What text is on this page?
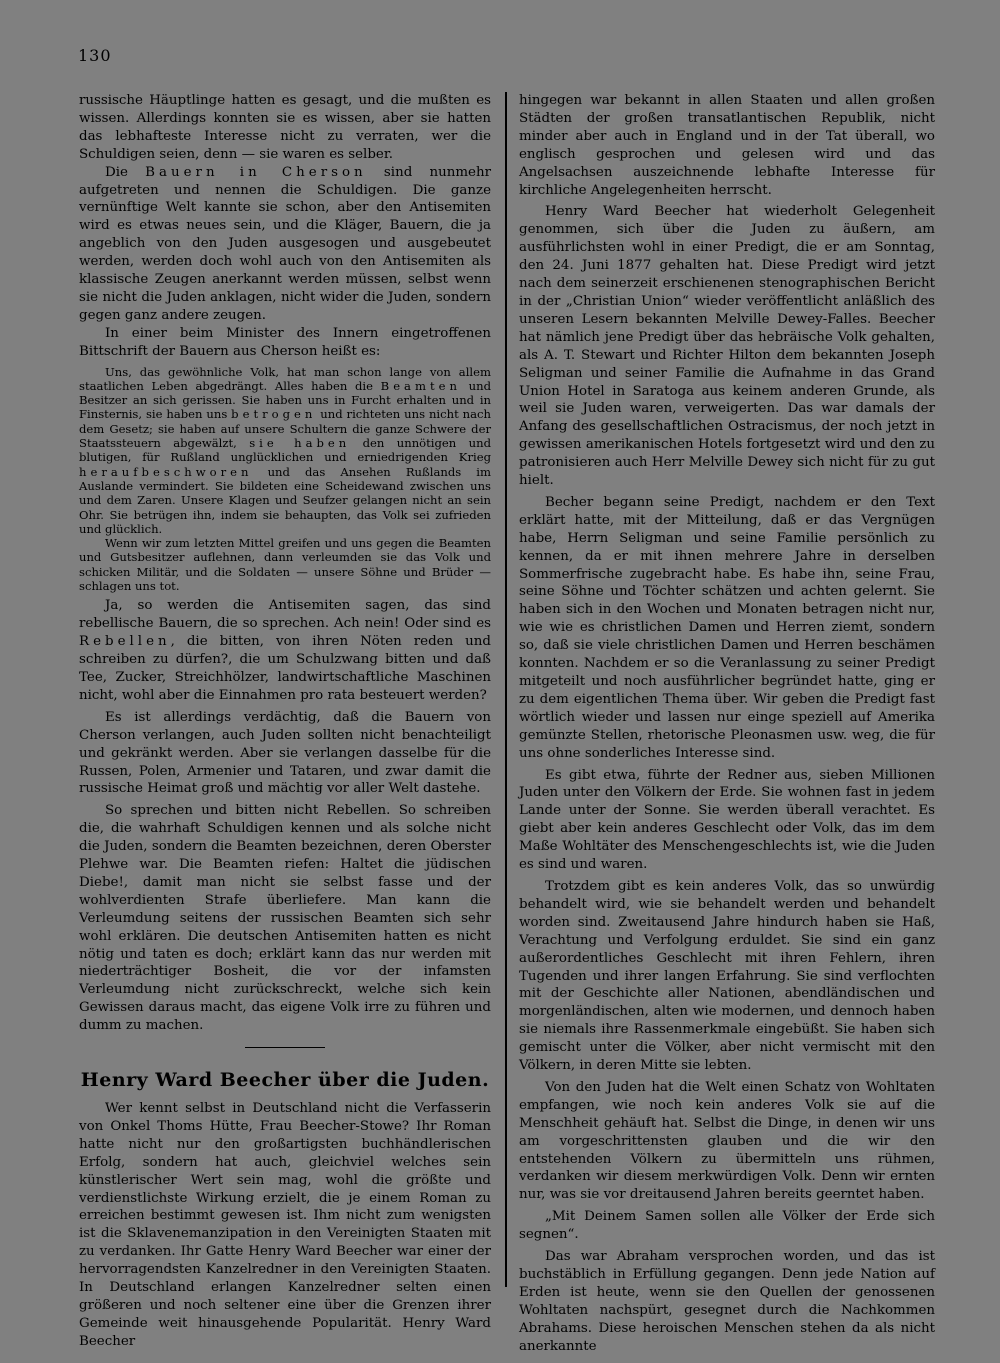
130

russische Häuptlinge hatten es gesagt, und die mußten es wissen. Allerdings konnten sie es wissen, aber sie hatten das lebhafteste Interesse nicht zu verraten, wer die Schuldigen seien, denn — sie waren es selber.

Die Bauern in Cherson sind nunmehr aufgetreten und nennen die Schuldigen. Die ganze vernünftige Welt kannte sie schon, aber den Antisemiten wird es etwas neues sein, und die Kläger, Bauern, die ja angeblich von den Juden ausgesogen und ausgebeutet werden, werden doch wohl auch von den Antisemiten als klassische Zeugen anerkannt werden müssen, selbst wenn sie nicht die Juden anklagen, nicht wider die Juden, sondern gegen ganz andere zeugen.

In einer beim Minister des Innern eingetroffenen Bittschrift der Bauern aus Cherson heißt es:

Uns, das gewöhnliche Volk, hat man schon lange von allem staatlichen Leben abgedrängt. Alles haben die Beamten und Besitzer an sich gerissen. Sie haben uns in Furcht erhalten und in Finsternis, sie haben uns betrogen und richteten uns nicht nach dem Gesetz; sie haben auf unsere Schultern die ganze Schwere der Staatssteuern abgewälzt, sie haben den unnötigen und blutigen, für Rußland unglücklichen und erniedrigenden Krieg heraufbeschworen und das Ansehen Rußlands im Auslande vermindert. Sie bildeten eine Scheidewand zwischen uns und dem Zaren. Unsere Klagen und Seufzer gelangen nicht an sein Ohr. Sie betrügen ihn, indem sie behaupten, das Volk sei zufrieden und glücklich.

Wenn wir zum letzten Mittel greifen und uns gegen die Beamten und Gutsbesitzer auflehnen, dann verleumden sie das Volk und schicken Militär, und die Soldaten — unsere Söhne und Brüder — schlagen uns tot.

Ja, so werden die Antisemiten sagen, das sind rebellische Bauern, die so sprechen. Ach nein! Oder sind es Rebellen, die bitten, von ihren Nöten reden und schreiben zu dürfen?, die um Schulzwang bitten und daß Tee, Zucker, Streichhölzer, landwirtschaftliche Maschinen nicht, wohl aber die Einnahmen pro rata besteuert werden?

Es ist allerdings verdächtig, daß die Bauern von Cherson verlangen, auch Juden sollten nicht benachteiligt und gekränkt werden. Aber sie verlangen dasselbe für die Russen, Polen, Armenier und Tataren, und zwar damit die russische Heimat groß und mächtig vor aller Welt dastehe.

So sprechen und bitten nicht Rebellen. So schreiben die, die wahrhaft Schuldigen kennen und als solche nicht die Juden, sondern die Beamten bezeichnen, deren Oberster Plehwe war. Die Beamten riefen: Haltet die jüdischen Diebe!, damit man nicht sie selbst fasse und der wohlverdienten Strafe überliefere. Man kann die Verleumdung seitens der russischen Beamten sich sehr wohl erklären. Die deutschen Antisemiten hatten es nicht nötig und taten es doch; erklärt kann das nur werden mit niederträchtiger Bosheit, die vor der infamsten Verleumdung nicht zurückschreckt, welche sich kein Gewissen daraus macht, das eigene Volk irre zu führen und dumm zu machen.

Henry Ward Beecher über die Juden.

Wer kennt selbst in Deutschland nicht die Verfasserin von Onkel Thoms Hütte, Frau Beecher-Stowe? Ihr Roman hatte nicht nur den großartigsten buchhändlerischen Erfolg, sondern hat auch, gleichviel welches sein künstlerischer Wert sein mag, wohl die größte und verdienstlichste Wirkung erzielt, die je einem Roman zu erreichen bestimmt gewesen ist. Ihm nicht zum wenigsten ist die Sklavenemanzipation in den Vereinigten Staaten mit zu verdanken. Ihr Gatte Henry Ward Beecher war einer der hervorragendsten Kanzelredner in den Vereinigten Staaten. In Deutschland erlangen Kanzelredner selten einen größeren und noch seltener eine über die Grenzen ihrer Gemeinde weit hinausgehende Popularität. Henry Ward Beecher

hingegen war bekannt in allen Staaten und allen großen Städten der großen transatlantischen Republik, nicht minder aber auch in England und in der Tat überall, wo englisch gesprochen und gelesen wird und das Angelsachsen auszeichnende lebhafte Interesse für kirchliche Angelegenheiten herrscht.

Henry Ward Beecher hat wiederholt Gelegenheit genommen, sich über die Juden zu äußern, am ausführlichsten wohl in einer Predigt, die er am Sonntag, den 24. Juni 1877 gehalten hat. Diese Predigt wird jetzt nach dem seinerzeit erschienenen stenographischen Bericht in der „Christian Union“ wieder veröffentlicht anläßlich des unseren Lesern bekannten Melville Dewey-Falles. Beecher hat nämlich jene Predigt über das hebräische Volk gehalten, als A. T. Stewart und Richter Hilton dem bekannten Joseph Seligman und seiner Familie die Aufnahme in das Grand Union Hotel in Saratoga aus keinem anderen Grunde, als weil sie Juden waren, verweigerten. Das war damals der Anfang des gesellschaftlichen Ostracismus, der noch jetzt in gewissen amerikanischen Hotels fortgesetzt wird und den zu patronisieren auch Herr Melville Dewey sich nicht für zu gut hielt.

Becher begann seine Predigt, nachdem er den Text erklärt hatte, mit der Mitteilung, daß er das Vergnügen habe, Herrn Seligman und seine Familie persönlich zu kennen, da er mit ihnen mehrere Jahre in derselben Sommerfrische zugebracht habe. Es habe ihn, seine Frau, seine Söhne und Töchter schätzen und achten gelernt. Sie haben sich in den Wochen und Monaten betragen nicht nur, wie wie es christlichen Damen und Herren ziemt, sondern so, daß sie viele christlichen Damen und Herren beschämen konnten. Nachdem er so die Veranlassung zu seiner Predigt mitgeteilt und noch ausführlicher begründet hatte, ging er zu dem eigentlichen Thema über. Wir geben die Predigt fast wörtlich wieder und lassen nur einge speziell auf Amerika gemünzte Stellen, rhetorische Pleonasmen usw. weg, die für uns ohne sonderliches Interesse sind.

Es gibt etwa, führte der Redner aus, sieben Millionen Juden unter den Völkern der Erde. Sie wohnen fast in jedem Lande unter der Sonne. Sie werden überall verachtet. Es giebt aber kein anderes Geschlecht oder Volk, das im dem Maße Wohltäter des Menschengeschlechts ist, wie die Juden es sind und waren.

Trotzdem gibt es kein anderes Volk, das so unwürdig behandelt wird, wie sie behandelt werden und behandelt worden sind. Zweitausend Jahre hindurch haben sie Haß, Verachtung und Verfolgung erduldet. Sie sind ein ganz außerordentliches Geschlecht mit ihren Fehlern, ihren Tugenden und ihrer langen Erfahrung. Sie sind verflochten mit der Geschichte aller Nationen, abendländischen und morgenländischen, alten wie modernen, und dennoch haben sie niemals ihre Rassenmerkmale eingebüßt. Sie haben sich gemischt unter die Völker, aber nicht vermischt mit den Völkern, in deren Mitte sie lebten.

Von den Juden hat die Welt einen Schatz von Wohltaten empfangen, wie noch kein anderes Volk sie auf die Menschheit gehäuft hat. Selbst die Dinge, in denen wir uns am vorgeschrittensten glauben und die wir den entstehenden Völkern zu übermitteln uns rühmen, verdanken wir diesem merkwürdigen Volk. Denn wir ernten nur, was sie vor dreitausend Jahren bereits geerntet haben.

„Mit Deinem Samen sollen alle Völker der Erde sich segnen“.

Das war Abraham versprochen worden, und das ist buchstäblich in Erfüllung gegangen. Denn jede Nation auf Erden ist heute, wenn sie den Quellen der genossenen Wohltaten nachspürt, gesegnet durch die Nachkommen Abrahams. Diese heroischen Menschen stehen da als nicht anerkannte
